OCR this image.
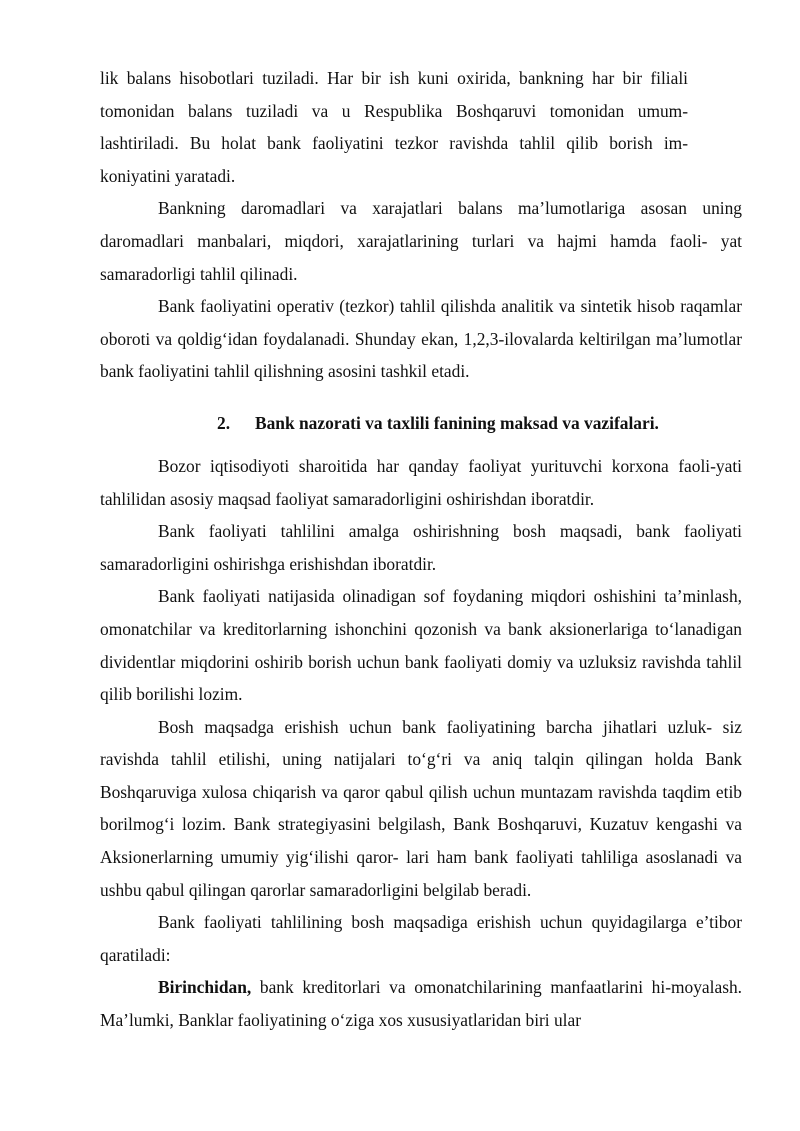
lik balans hisobotlari tuziladi. Har bir ish kuni oxirida, bankning har bir filiali tomonidan balans tuziladi va u Respublika Boshqaruvi tomonidan umum-lashtiriladi. Bu holat bank faoliyatini tezkor ravishda tahlil qilib borish im-koniyatini yaratadi.

Bankning daromadlari va xarajatlari balans ma’lumotlariga asosan uning daromadlari manbalari, miqdori, xarajatlarining turlari va hajmi hamda faoli- yat samaradorligi tahlil qilinadi.

Bank faoliyatini operativ (tezkor) tahlil qilishda analitik va sintetik hisob raqamlar oboroti va qoldig‘idan foydalanadi. Shunday ekan, 1,2,3-ilovalarda keltirilgan ma’lumotlar bank faoliyatini tahlil qilishning asosini tashkil etadi.

2. Bank nazorati va taxlili fanining maksad va vazifalari.

Bozor iqtisodiyoti sharoitida har qanday faoliyat yurituvchi korxona faoli-yati tahlilidan asosiy maqsad faoliyat samaradorligini oshirishdan iboratdir.

Bank faoliyati tahlilini amalga oshirishning bosh maqsadi, bank faoliyati samaradorligini oshirishga erishishdan iboratdir.

Bank faoliyati natijasida olinadigan sof foydaning miqdori oshishini ta’minlash, omonatchilar va kreditorlarning ishonchini qozonish va bank aksionerlariga to‘lanadigan dividentlar miqdorini oshirib borish uchun bank faoliyati domiy va uzluksiz ravishda tahlil qilib borilishi lozim.

Bosh maqsadga erishish uchun bank faoliyatining barcha jihatlari uzluk- siz ravishda tahlil etilishi, uning natijalari to‘g‘ri va aniq talqin qilingan holda Bank Boshqaruviga xulosa chiqarish va qaror qabul qilish uchun muntazam ravishda taqdim etib borilmog‘i lozim. Bank strategiyasini belgilash, Bank Boshqaruvi, Kuzatuv kengashi va Aksionerlarning umumiy yig‘ilishi qaror- lari ham bank faoliyati tahliliga asoslanadi va ushbu qabul qilingan qarorlar samaradorligini belgilab beradi.

Bank faoliyati tahlilining bosh maqsadiga erishish uchun quyidagilarga e’tibor qaratiladi:

Birinchidan, bank kreditorlari va omonatchilarining manfaatlarini hi-moyalash. Ma’lumki, Banklar faoliyatining o‘ziga xos xususiyatlaridan biri ular
